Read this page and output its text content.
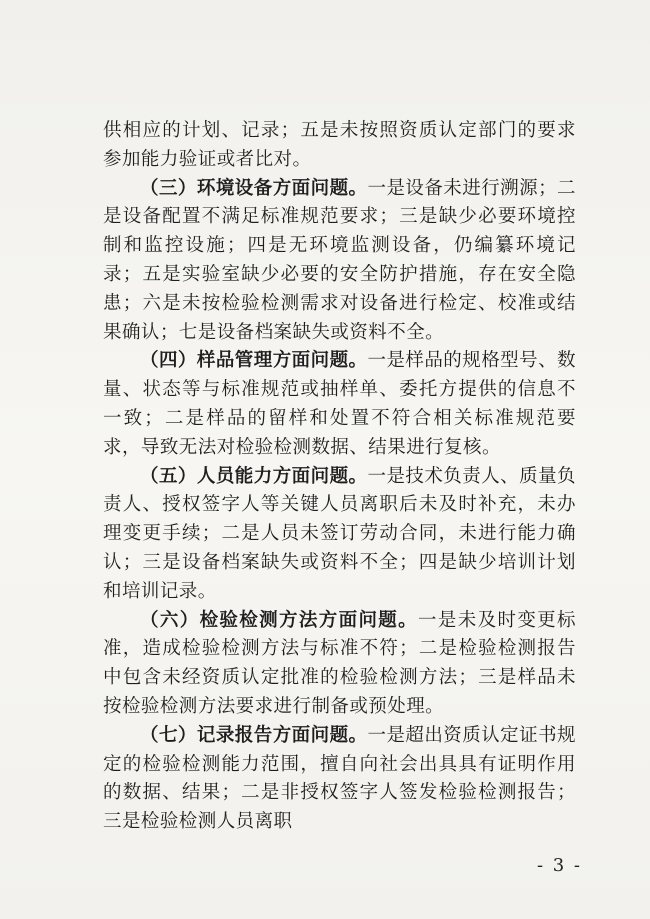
供相应的计划、记录；五是未按照资质认定部门的要求参加能力验证或者比对。

（三）环境设备方面问题。一是设备未进行溯源；二是设备配置不满足标准规范要求；三是缺少必要环境控制和监控设施；四是无环境监测设备，仍编纂环境记录；五是实验室缺少必要的安全防护措施，存在安全隐患；六是未按检验检测需求对设备进行检定、校准或结果确认；七是设备档案缺失或资料不全。

（四）样品管理方面问题。一是样品的规格型号、数量、状态等与标准规范或抽样单、委托方提供的信息不一致；二是样品的留样和处置不符合相关标准规范要求，导致无法对检验检测数据、结果进行复核。

（五）人员能力方面问题。一是技术负责人、质量负责人、授权签字人等关键人员离职后未及时补充，未办理变更手续；二是人员未签订劳动合同，未进行能力确认；三是设备档案缺失或资料不全；四是缺少培训计划和培训记录。

（六）检验检测方法方面问题。一是未及时变更标准，造成检验检测方法与标准不符；二是检验检测报告中包含未经资质认定批准的检验检测方法；三是样品未按检验检测方法要求进行制备或预处理。

（七）记录报告方面问题。一是超出资质认定证书规定的检验检测能力范围，擅自向社会出具具有证明作用的数据、结果；二是非授权签字人签发检验检测报告；三是检验检测人员离职

- 3 -
